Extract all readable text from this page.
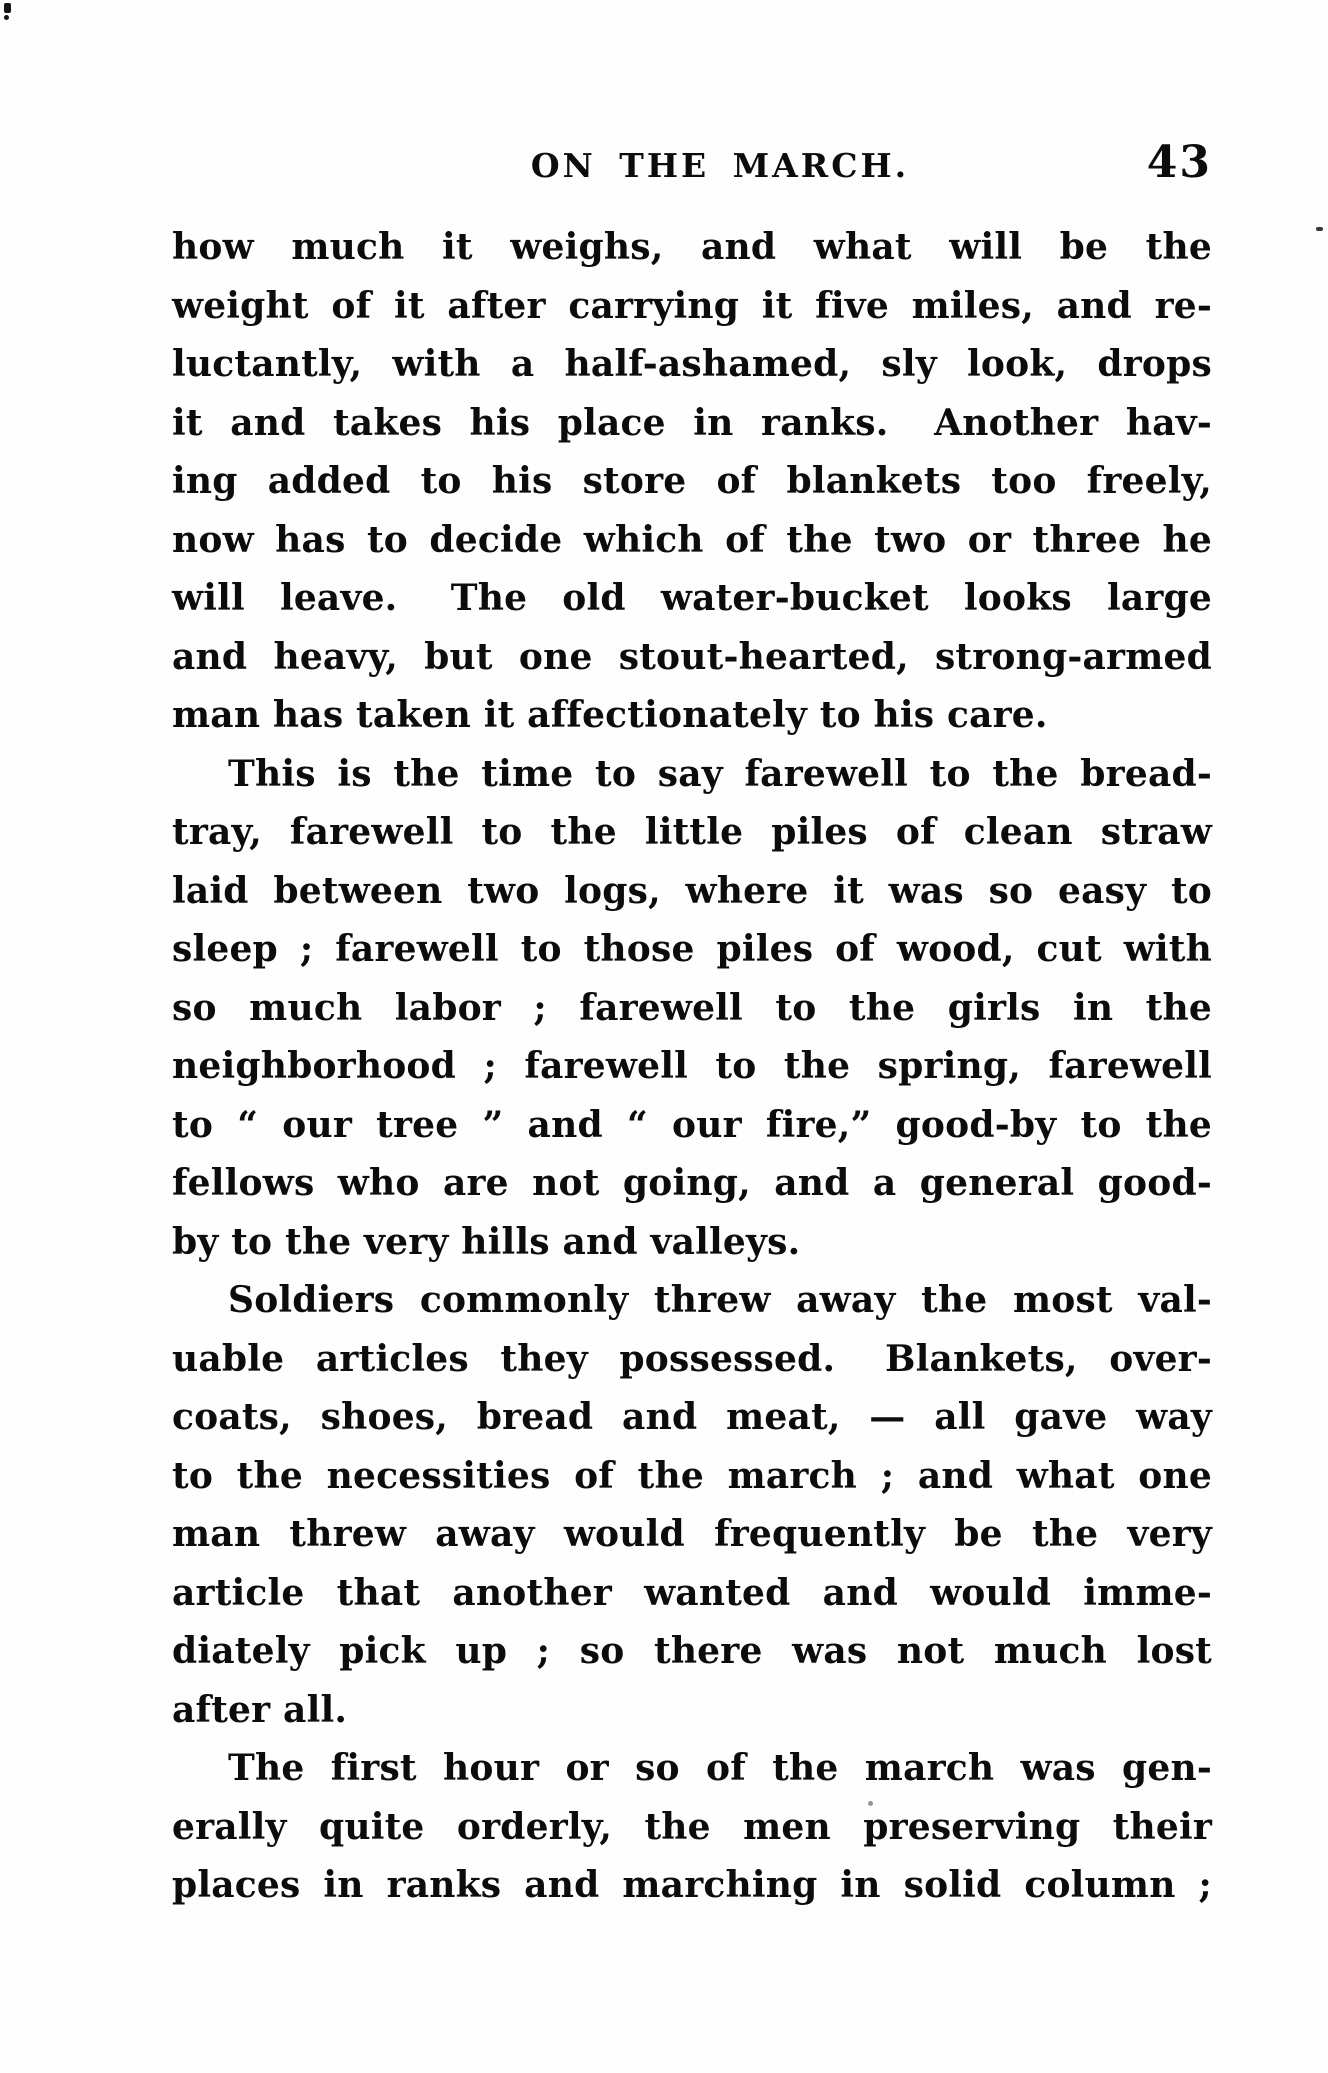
ON THE MARCH.	43
how much it weighs, and what will be the
weight of it after carrying it five miles, and re-
luctantly, with a half-ashamed, sly look, drops
it and takes his place in ranks.  Another hav-
ing added to his store of blankets too freely,
now has to decide which of the two or three he
will leave.  The old water-bucket looks large
and heavy, but one stout-hearted, strong-armed
man has taken it affectionately to his care.
This is the time to say farewell to the bread-
tray, farewell to the little piles of clean straw
laid between two logs, where it was so easy to
sleep ; farewell to those piles of wood, cut with
so much labor ; farewell to the girls in the
neighborhood ; farewell to the spring, farewell
to “ our tree ” and “ our fire,” good-by to the
fellows who are not going, and a general good-
by to the very hills and valleys.
Soldiers commonly threw away the most val-
uable articles they possessed.  Blankets, over-
coats, shoes, bread and meat, — all gave way
to the necessities of the march ; and what one
man threw away would frequently be the very
article that another wanted and would imme-
diately pick up ; so there was not much lost
after all.
The first hour or so of the march was gen-
erally quite orderly, the men preserving their
places in ranks and marching in solid column ;
